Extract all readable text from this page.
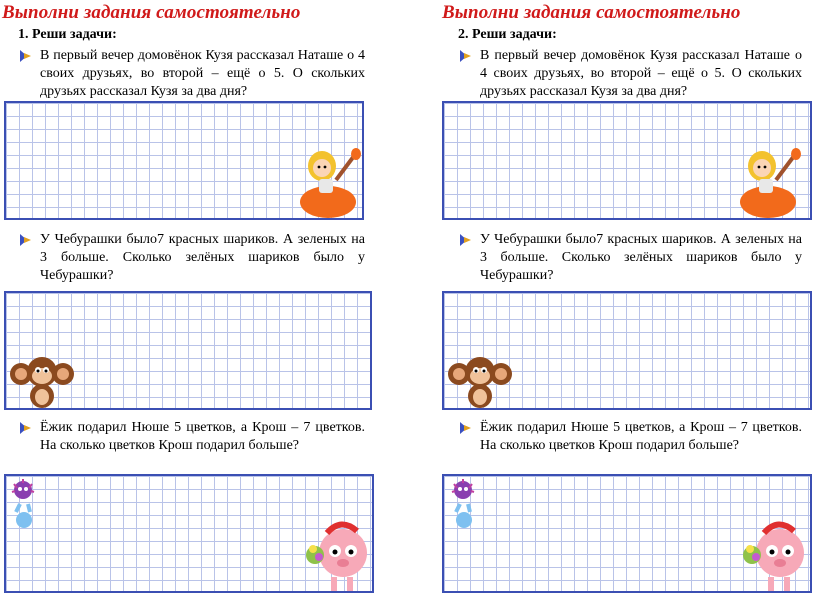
Выполни задания самостоятельно
1. Реши задачи:
В первый вечер домовёнок Кузя рассказал Наташе о 4 своих друзьях, во второй – ещё о 5. О скольких друзьях рассказал Кузя за два дня?
У Чебурашки было7 красных шариков. А зеленых на 3 больше. Сколько зелёных шариков было у Чебурашки?
Ёжик подарил Нюше 5 цветков, а Крош – 7 цветков. На сколько цветков Крош подарил больше?
Выполни задания самостоятельно
2. Реши задачи:
В первый вечер домовёнок Кузя рассказал Наташе о 4 своих друзьях, во второй – ещё о 5. О скольких друзьях рассказал Кузя за два дня?
У Чебурашки было7 красных шариков. А зеленых на 3 больше. Сколько зелёных шариков было у Чебурашки?
Ёжик подарил Нюше 5 цветков, а Крош – 7 цветков. На сколько цветков Крош подарил больше?
